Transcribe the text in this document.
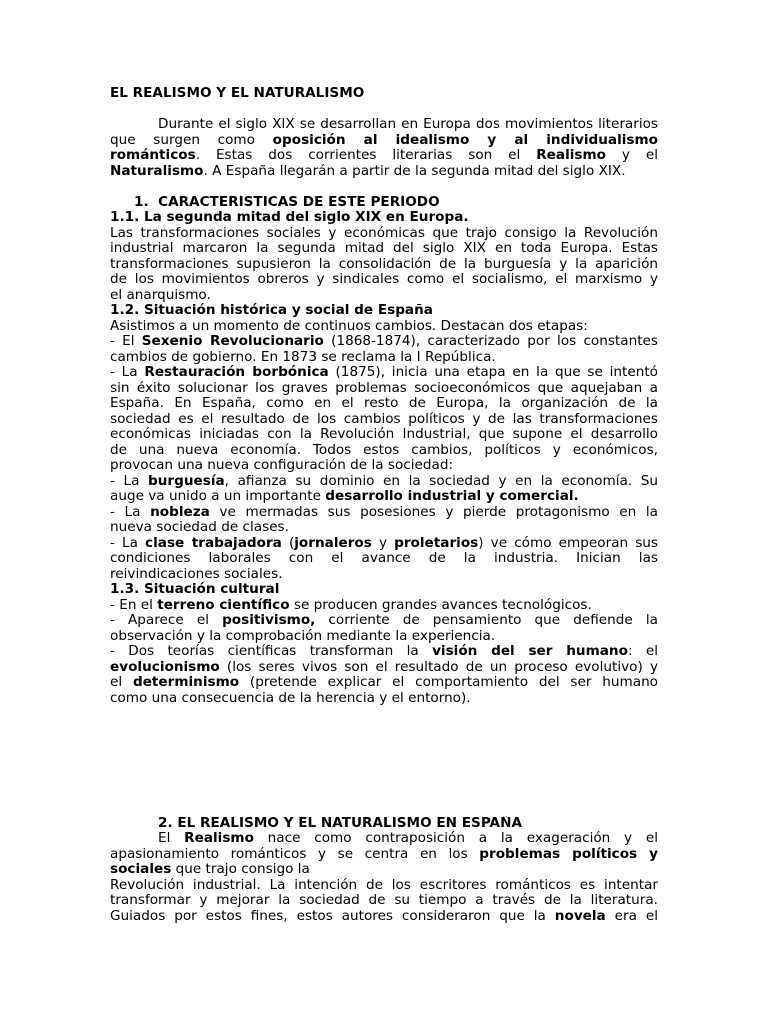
EL REALISMO Y EL NATURALISMO
Durante el siglo XIX se desarrollan en Europa dos movimientos literarios
que surgen como oposición al idealismo y al individualismo
románticos. Estas dos corrientes literarias son el Realismo y el
Naturalismo. A España llegarán a partir de la segunda mitad del siglo XIX.
1. CARACTERÍSTICAS DE ESTE PERÍODO
1.1. La segunda mitad del siglo XIX en Europa.
Las transformaciones sociales y económicas que trajo consigo la Revolución
industrial marcaron la segunda mitad del siglo XIX en toda Europa. Estas
transformaciones supusieron la consolidación de la burguesía y la aparición
de los movimientos obreros y sindicales como el socialismo, el marxismo y
el anarquismo.
1.2. Situación histórica y social de España
Asistimos a un momento de continuos cambios. Destacan dos etapas:
- El Sexenio Revolucionario (1868-1874), caracterizado por los constantes
cambios de gobierno. En 1873 se reclama la I República.
- La Restauración borbónica (1875), inicia una etapa en la que se intentó
sin éxito solucionar los graves problemas socioeconómicos que aquejaban a
España. En España, como en el resto de Europa, la organización de la
sociedad es el resultado de los cambios políticos y de las transformaciones
económicas iniciadas con la Revolución Industrial, que supone el desarrollo
de una nueva economía. Todos estos cambios, políticos y económicos,
provocan una nueva configuración de la sociedad:
- La burguesía, afianza su dominio en la sociedad y en la economía. Su
auge va unido a un importante desarrollo industrial y comercial.
- La nobleza ve mermadas sus posesiones y pierde protagonismo en la
nueva sociedad de clases.
- La clase trabajadora (jornaleros y proletarios) ve cómo empeoran sus
condiciones laborales con el avance de la industria. Inician las
reivindicaciones sociales.
1.3. Situación cultural
- En el terreno científico se producen grandes avances tecnológicos.
- Aparece el positivismo, corriente de pensamiento que defiende la
observación y la comprobación mediante la experiencia.
- Dos teorías científicas transforman la visión del ser humano: el
evolucionismo (los seres vivos son el resultado de un proceso evolutivo) y
el determinismo (pretende explicar el comportamiento del ser humano
como una consecuencia de la herencia y el entorno).
2. EL REALISMO Y EL NATURALISMO EN ESPAÑA
El Realismo nace como contraposición a la exageración y el
apasionamiento románticos y se centra en los problemas políticos y
sociales que trajo consigo la
Revolución industrial. La intención de los escritores románticos es intentar
transformar y mejorar la sociedad de su tiempo a través de la literatura.
Guiados por estos fines, estos autores consideraron que la novela era el
